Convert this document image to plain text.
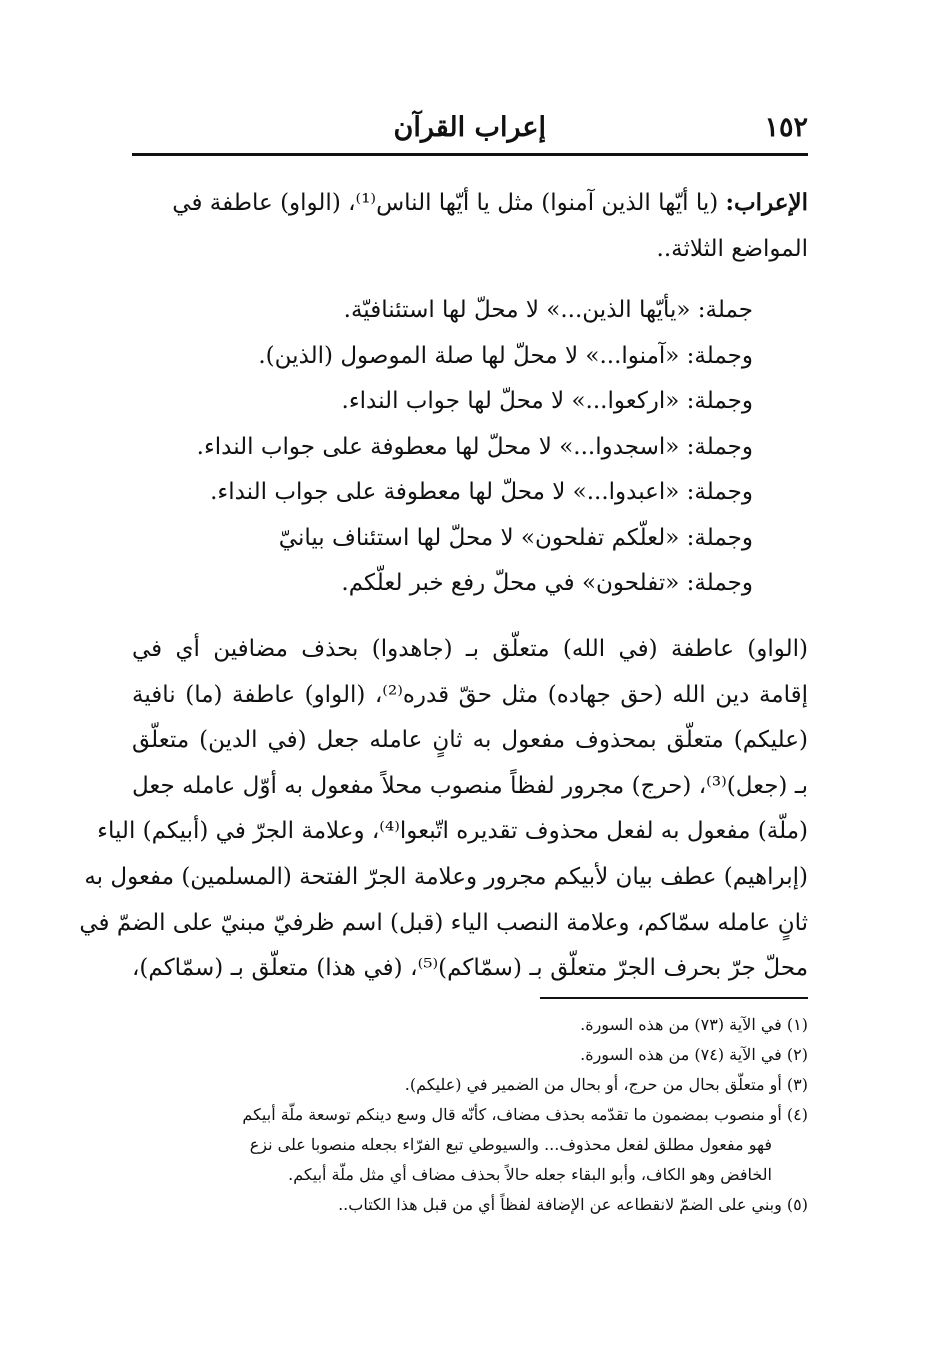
١٥٢
إعراب القرآن
الإعراب: (يا أيّها الذين آمنوا) مثل يا أيّها الناس⁽¹⁾، (الواو) عاطفة في
المواضع الثلاثة..
جملة: «يأيّها الذين...» لا محلّ لها استئنافيّة.
وجملة: «آمنوا...» لا محلّ لها صلة الموصول (الذين).
وجملة: «اركعوا...» لا محلّ لها جواب النداء.
وجملة: «اسجدوا...» لا محلّ لها معطوفة على جواب النداء.
وجملة: «اعبدوا...» لا محلّ لها معطوفة على جواب النداء.
وجملة: «لعلّكم تفلحون» لا محلّ لها استئناف بيانيّ
وجملة: «تفلحون» في محلّ رفع خبر لعلّكم.
(الواو) عاطفة (في الله) متعلّق بـ (جاهدوا) بحذف مضافين أي في
إقامة دين الله (حق جهاده) مثل حقّ قدره⁽²⁾، (الواو) عاطفة (ما) نافية
(عليكم) متعلّق بمحذوف مفعول به ثانٍ عامله جعل (في الدين) متعلّق
بـ (جعل)⁽³⁾، (حرج) مجرور لفظاً منصوب محلاً مفعول به أوّل عامله جعل
(ملّة) مفعول به لفعل محذوف تقديره اتّبعوا⁽⁴⁾، وعلامة الجرّ في (أبيكم) الياء
(إبراهيم) عطف بيان لأبيكم مجرور وعلامة الجرّ الفتحة (المسلمين) مفعول به
ثانٍ عامله سمّاكم، وعلامة النصب الياء (قبل) اسم ظرفيّ مبنيّ على الضمّ في
محلّ جرّ بحرف الجرّ متعلّق بـ (سمّاكم)⁽⁵⁾، (في هذا) متعلّق بـ (سمّاكم)،
(١) في الآية (٧٣) من هذه السورة.
(٢) في الآية (٧٤) من هذه السورة.
(٣) أو متعلّق بحال من حرج، أو بحال من الضمير في (عليكم).
(٤) أو منصوب بمضمون ما تقدّمه بحذف مضاف، كأنّه قال وسع دينكم توسعة ملّة أبيكم
فهو مفعول مطلق لفعل محذوف... والسيوطي تبع الفرّاء بجعله منصوبا على نزع
الخافض وهو الكاف، وأبو البقاء جعله حالاً بحذف مضاف أي مثل ملّة أبيكم.
(٥) وبني على الضمّ لانقطاعه عن الإضافة لفظاً أي من قبل هذا الكتاب..
